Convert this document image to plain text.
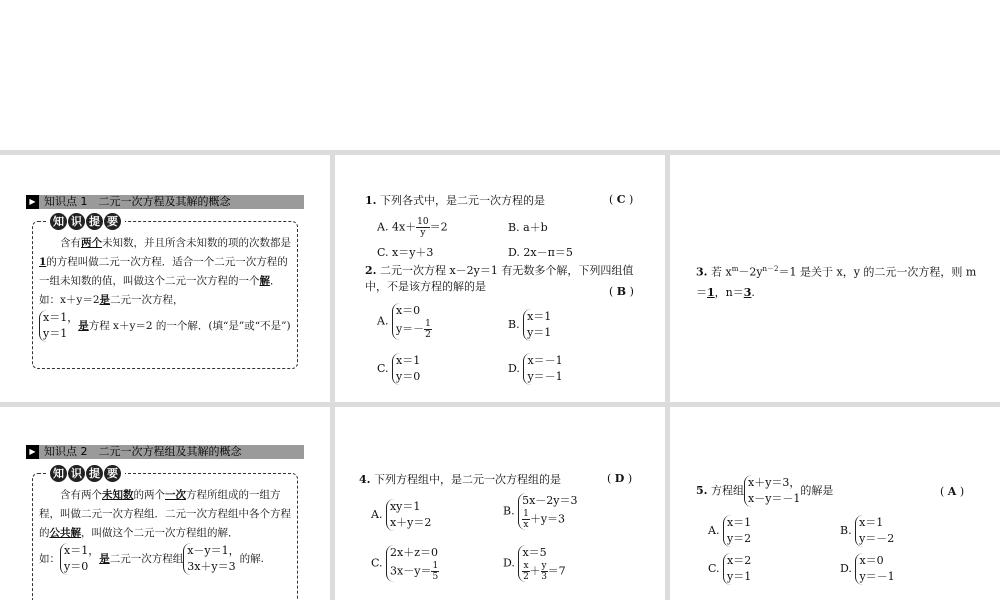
▶ 知识点 1　二元一次方程及其解的概念
知 识 提 要
含有两个未知数，并且所含未知数的项的次数都是1的方程叫做二元一次方程．适合一个二元一次方程的一组未知数的值，叫做这个二元一次方程的一个解．如：x＋y＝2是二元一次方程，
x＝1，
y＝1
是方程 x＋y＝2 的一个解．(填“是”或“不是”)
1. 下列各式中，是二元一次方程的是	( C )
A. $4x+ \frac{10}{y} =2$	B. a＋b
C. x＝y＋3	D. 2x－π＝5
2. 二元一次方程 x－2y＝1 有无数多个解，下列四组值中，不是该方程的解的是	( B )
A.
x＝0
$y=- \frac{1}{2}$	B.
x＝1
y＝1
C.
x＝1
y＝0
D.
x＝－1
y＝－1
3. 若 $x^m-2y^{n-2}=1$ 是关于 x，y 的二元一次方程，则 m
＝1，n＝3.
▶ 知识点 2　二元一次方程组及其解的概念
知 识 提 要
含有两个未知数的两个一次方程所组成的一组方程，叫做二元一次方程组．二元一次方程组中各个方程的公共解，叫做这个二元一次方程组的解．
如：
x＝1，
y＝0
是二元一次方程组
x－y＝1，
3x＋y＝3
的解.
4. 下列方程组中，是二元一次方程组的是	( D )
A.
xy＝1
x＋y＝2
B.
5x－2y＝3
$\frac{1}{x} +y=3$
C.
2x＋z＝0
$3x-y= \frac{1}{5}$	D.
x＝5
$\frac{x}{2} + \frac{y}{3} =7$
5. 方程组
x＋y＝3，
x－y＝－1
的解是	( A )
A.
x＝1
y＝2
B.
x＝1
y＝－2
C.
x＝2
y＝1
D.
x＝0
y＝－1
